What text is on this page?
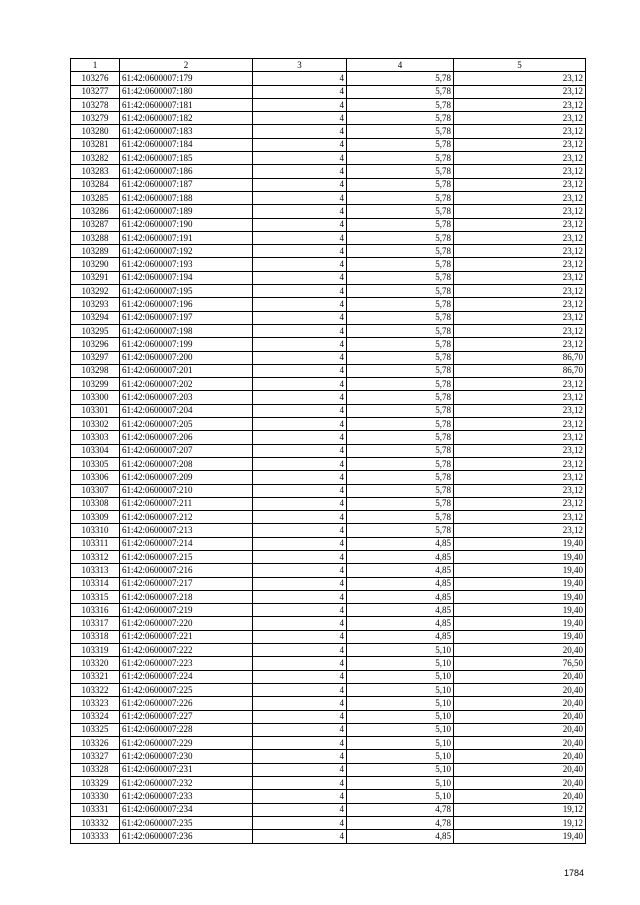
1	2	3	4	5
103276	61:42:0600007:179	4	5,78	23,12
103277	61:42:0600007:180	4	5,78	23,12
103278	61:42:0600007:181	4	5,78	23,12
103279	61:42:0600007:182	4	5,78	23,12
103280	61:42:0600007:183	4	5,78	23,12
103281	61:42:0600007:184	4	5,78	23,12
103282	61:42:0600007:185	4	5,78	23,12
103283	61:42:0600007:186	4	5,78	23,12
103284	61:42:0600007:187	4	5,78	23,12
103285	61:42:0600007:188	4	5,78	23,12
103286	61:42:0600007:189	4	5,78	23,12
103287	61:42:0600007:190	4	5,78	23,12
103288	61:42:0600007:191	4	5,78	23,12
103289	61:42:0600007:192	4	5,78	23,12
103290	61:42:0600007:193	4	5,78	23,12
103291	61:42:0600007:194	4	5,78	23,12
103292	61:42:0600007:195	4	5,78	23,12
103293	61:42:0600007:196	4	5,78	23,12
103294	61:42:0600007:197	4	5,78	23,12
103295	61:42:0600007:198	4	5,78	23,12
103296	61:42:0600007:199	4	5,78	23,12
103297	61:42:0600007:200	4	5,78	86,70
103298	61:42:0600007:201	4	5,78	86,70
103299	61:42:0600007:202	4	5,78	23,12
103300	61:42:0600007:203	4	5,78	23,12
103301	61:42:0600007:204	4	5,78	23,12
103302	61:42:0600007:205	4	5,78	23,12
103303	61:42:0600007:206	4	5,78	23,12
103304	61:42:0600007:207	4	5,78	23,12
103305	61:42:0600007:208	4	5,78	23,12
103306	61:42:0600007:209	4	5,78	23,12
103307	61:42:0600007:210	4	5,78	23,12
103308	61:42:0600007:211	4	5,78	23,12
103309	61:42:0600007:212	4	5,78	23,12
103310	61:42:0600007:213	4	5,78	23,12
103311	61:42:0600007:214	4	4,85	19,40
103312	61:42:0600007:215	4	4,85	19,40
103313	61:42:0600007:216	4	4,85	19,40
103314	61:42:0600007:217	4	4,85	19,40
103315	61:42:0600007:218	4	4,85	19,40
103316	61:42:0600007:219	4	4,85	19,40
103317	61:42:0600007:220	4	4,85	19,40
103318	61:42:0600007:221	4	4,85	19,40
103319	61:42:0600007:222	4	5,10	20,40
103320	61:42:0600007:223	4	5,10	76,50
103321	61:42:0600007:224	4	5,10	20,40
103322	61:42:0600007:225	4	5,10	20,40
103323	61:42:0600007:226	4	5,10	20,40
103324	61:42:0600007:227	4	5,10	20,40
103325	61:42:0600007:228	4	5,10	20,40
103326	61:42:0600007:229	4	5,10	20,40
103327	61:42:0600007:230	4	5,10	20,40
103328	61:42:0600007:231	4	5,10	20,40
103329	61:42:0600007:232	4	5,10	20,40
103330	61:42:0600007:233	4	5,10	20,40
103331	61:42:0600007:234	4	4,78	19,12
103332	61:42:0600007:235	4	4,78	19,12
103333	61:42:0600007:236	4	4,85	19,40
1784
